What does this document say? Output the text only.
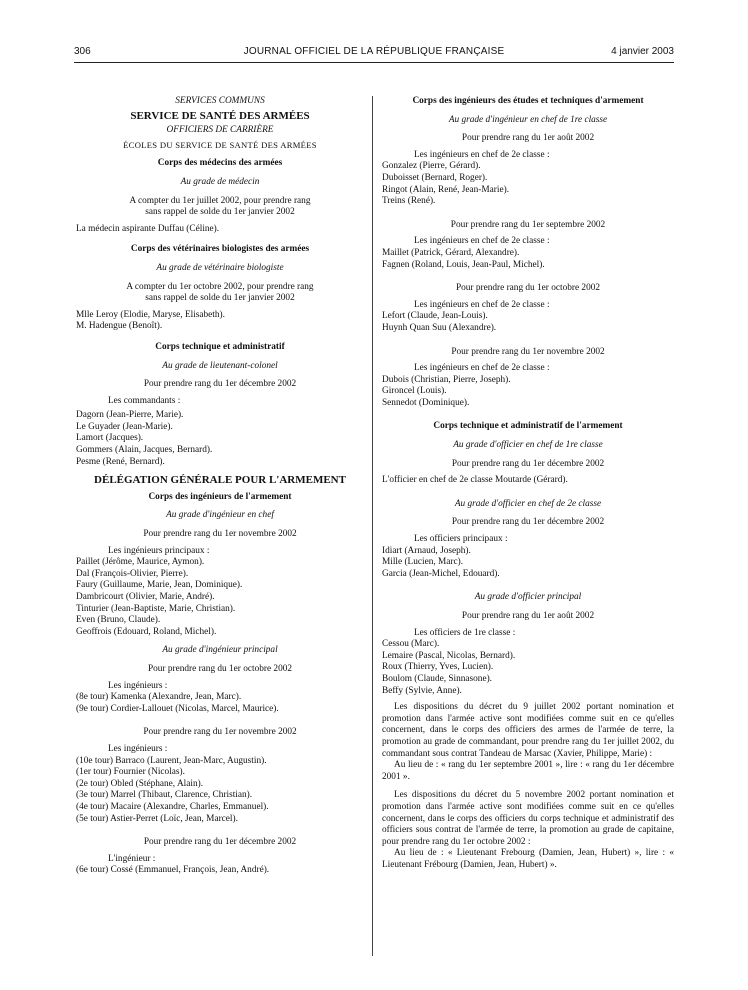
306	JOURNAL OFFICIEL DE LA RÉPUBLIQUE FRANÇAISE	4 janvier 2003
SERVICES COMMUNS
SERVICE DE SANTÉ DES ARMÉES
OFFICIERS DE CARRIÈRE
ÉCOLES DU SERVICE DE SANTÉ DES ARMÉES
Corps des médecins des armées
Au grade de médecin
A compter du 1er juillet 2002, pour prendre rang
sans rappel de solde du 1er janvier 2002
La médecin aspirante Duffau (Céline).
Corps des vétérinaires biologistes des armées
Au grade de vétérinaire biologiste
A compter du 1er octobre 2002, pour prendre rang
sans rappel de solde du 1er janvier 2002
Mlle Leroy (Elodie, Maryse, Elisabeth).
M. Hadengue (Benoît).
Corps technique et administratif
Au grade de lieutenant-colonel
Pour prendre rang du 1er décembre 2002
Les commandants :
Dagorn (Jean-Pierre, Marie).
Le Guyader (Jean-Marie).
Lamort (Jacques).
Gommers (Alain, Jacques, Bernard).
Pesme (René, Bernard).
DÉLÉGATION GÉNÉRALE POUR L'ARMEMENT
Corps des ingénieurs de l'armement
Au grade d'ingénieur en chef
Pour prendre rang du 1er novembre 2002
Les ingénieurs principaux :
Paillet (Jérôme, Maurice, Aymon).
Dal (François-Olivier, Pierre).
Faury (Guillaume, Marie, Jean, Dominique).
Dambricourt (Olivier, Marie, André).
Tinturier (Jean-Baptiste, Marie, Christian).
Even (Bruno, Claude).
Geoffrois (Edouard, Roland, Michel).
Au grade d'ingénieur principal
Pour prendre rang du 1er octobre 2002
Les ingénieurs :
(8e tour) Kamenka (Alexandre, Jean, Marc).
(9e tour) Cordier-Lallouet (Nicolas, Marcel, Maurice).
Pour prendre rang du 1er novembre 2002
Les ingénieurs :
(10e tour) Barraco (Laurent, Jean-Marc, Augustin).
(1er tour) Fournier (Nicolas).
(2e tour) Obled (Stéphane, Alain).
(3e tour) Marrel (Thibaut, Clarence, Christian).
(4e tour) Macaire (Alexandre, Charles, Emmanuel).
(5e tour) Astier-Perret (Loïc, Jean, Marcel).
Pour prendre rang du 1er décembre 2002
L'ingénieur :
(6e tour) Cossé (Emmanuel, François, Jean, André).
Corps des ingénieurs des études et techniques d'armement
Au grade d'ingénieur en chef de 1re classe
Pour prendre rang du 1er août 2002
Les ingénieurs en chef de 2e classe :
Gonzalez (Pierre, Gérard).
Duboisset (Bernard, Roger).
Ringot (Alain, René, Jean-Marie).
Treins (René).
Pour prendre rang du 1er septembre 2002
Les ingénieurs en chef de 2e classe :
Maillet (Patrick, Gérard, Alexandre).
Fagnen (Roland, Louis, Jean-Paul, Michel).
Pour prendre rang du 1er octobre 2002
Les ingénieurs en chef de 2e classe :
Lefort (Claude, Jean-Louis).
Huynh Quan Suu (Alexandre).
Pour prendre rang du 1er novembre 2002
Les ingénieurs en chef de 2e classe :
Dubois (Christian, Pierre, Joseph).
Gironcel (Louis).
Sennedot (Dominique).
Corps technique et administratif de l'armement
Au grade d'officier en chef de 1re classe
Pour prendre rang du 1er décembre 2002
L'officier en chef de 2e classe Moutarde (Gérard).
Au grade d'officier en chef de 2e classe
Pour prendre rang du 1er décembre 2002
Les officiers principaux :
Idiart (Arnaud, Joseph).
Mille (Lucien, Marc).
Garcia (Jean-Michel, Edouard).
Au grade d'officier principal
Pour prendre rang du 1er août 2002
Les officiers de 1re classe :
Cessou (Marc).
Lemaire (Pascal, Nicolas, Bernard).
Roux (Thierry, Yves, Lucien).
Boulom (Claude, Sinnasone).
Beffy (Sylvie, Anne).
Les dispositions du décret du 9 juillet 2002 portant nomination et promotion dans l'armée active sont modifiées comme suit en ce qu'elles concernent, dans le corps des officiers des armes de l'armée de terre, la promotion au grade de commandant, pour prendre rang du 1er juillet 2002, du commandant sous contrat Tandeau de Marsac (Xavier, Philippe, Marie) :
Au lieu de : « rang du 1er septembre 2001 », lire : « rang du 1er décembre 2001 ».
Les dispositions du décret du 5 novembre 2002 portant nomination et promotion dans l'armée active sont modifiées comme suit en ce qu'elles concernent, dans le corps des officiers du corps technique et administratif des officiers sous contrat de l'armée de terre, la promotion au grade de capitaine, pour prendre rang du 1er octobre 2002 :
Au lieu de : « Lieutenant Frebourg (Damien, Jean, Hubert) », lire : « Lieutenant Frébourg (Damien, Jean, Hubert) ».
